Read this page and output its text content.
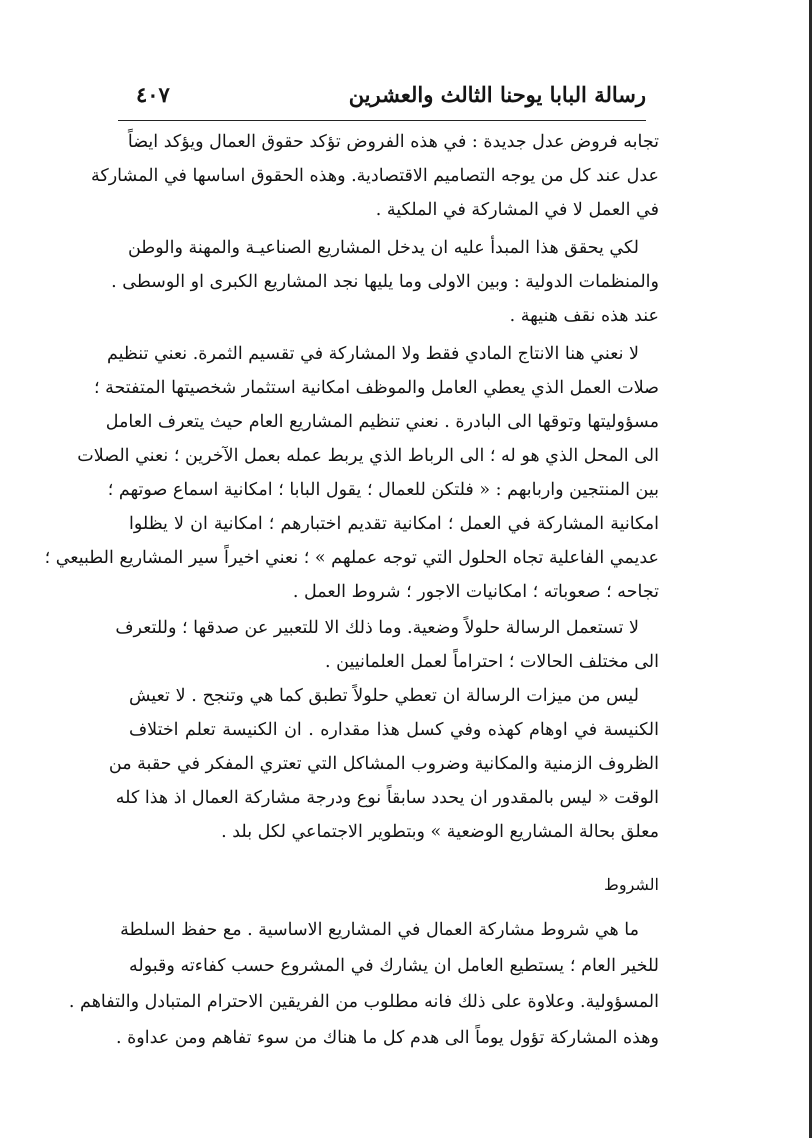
رسالة البابا يوحنا الثالث والعشرين
٤٠٧
تجابه فروض عدل جديدة : في هذه الفروض تؤكد حقوق العمال ويؤكد ايضاً
عدل عند كل من يوجه التصاميم الاقتصادية. وهذه الحقوق اساسها في المشاركة
في العمل لا في المشاركة في الملكية .
لكي يحقق هذا المبدأ عليه ان يدخل المشاريع الصناعيـة والمهنة والوطن
والمنظمات الدولية : وبين الاولى وما يليها نجد المشاريع الكبرى او الوسطى .
عند هذه نقف هنيهة .
لا نعني هنا الانتاج المادي فقط ولا المشاركة في تقسيم الثمرة. نعني تنظيم
صلات العمل الذي يعطي العامل والموظف امكانية استثمار شخصيتها المتفتحة ؛
مسؤوليتها وتوقها الى البادرة . نعني تنظيم المشاريع العام حيث يتعرف العامل
الى المحل الذي هو له ؛ الى الرباط الذي يربط عمله بعمل الآخرين ؛ نعني الصلات
بين المنتجين واربابهم : « فلتكن للعمال ؛ يقول البابا ؛ امكانية اسماع صوتهم ؛
امكانية المشاركة في العمل ؛ امكانية تقديم اختبارهم ؛ امكانية ان لا يظلوا
عديمي الفاعلية تجاه الحلول التي توجه عملهم » ؛ نعني اخيراً سير المشاريع الطبيعي ؛
تجاحه ؛ صعوباته ؛ امكانيات الاجور ؛ شروط العمل .
لا تستعمل الرسالة حلولاً وضعية. وما ذلك الا للتعبير عن صدقها ؛ وللتعرف
الى مختلف الحالات ؛ احتراماً لعمل العلمانيين .
ليس من ميزات الرسالة ان تعطي حلولاً تطبق كما هي وتنجح . لا تعيش
الكنيسة في اوهام كهذه وفي كسل هذا مقداره . ان الكنيسة تعلم اختلاف
الظروف الزمنية والمكانية وضروب المشاكل التي تعتري المفكر في حقبة من
الوقت « ليس بالمقدور ان يحدد سابقاً نوع ودرجة مشاركة العمال اذ هذا كله
معلق بحالة المشاريع الوضعية » وبتطوير الاجتماعي لكل بلد .
الشروط
ما هي شروط مشاركة العمال في المشاريع الاساسية . مع حفظ السلطة
للخير العام ؛ يستطيع العامل ان يشارك في المشروع حسب كفاءته وقبوله
المسؤولية. وعلاوة على ذلك فانه مطلوب من الفريقين الاحترام المتبادل والتفاهم .
وهذه المشاركة تؤول يوماً الى هدم كل ما هناك من سوء تفاهم ومن عداوة .
